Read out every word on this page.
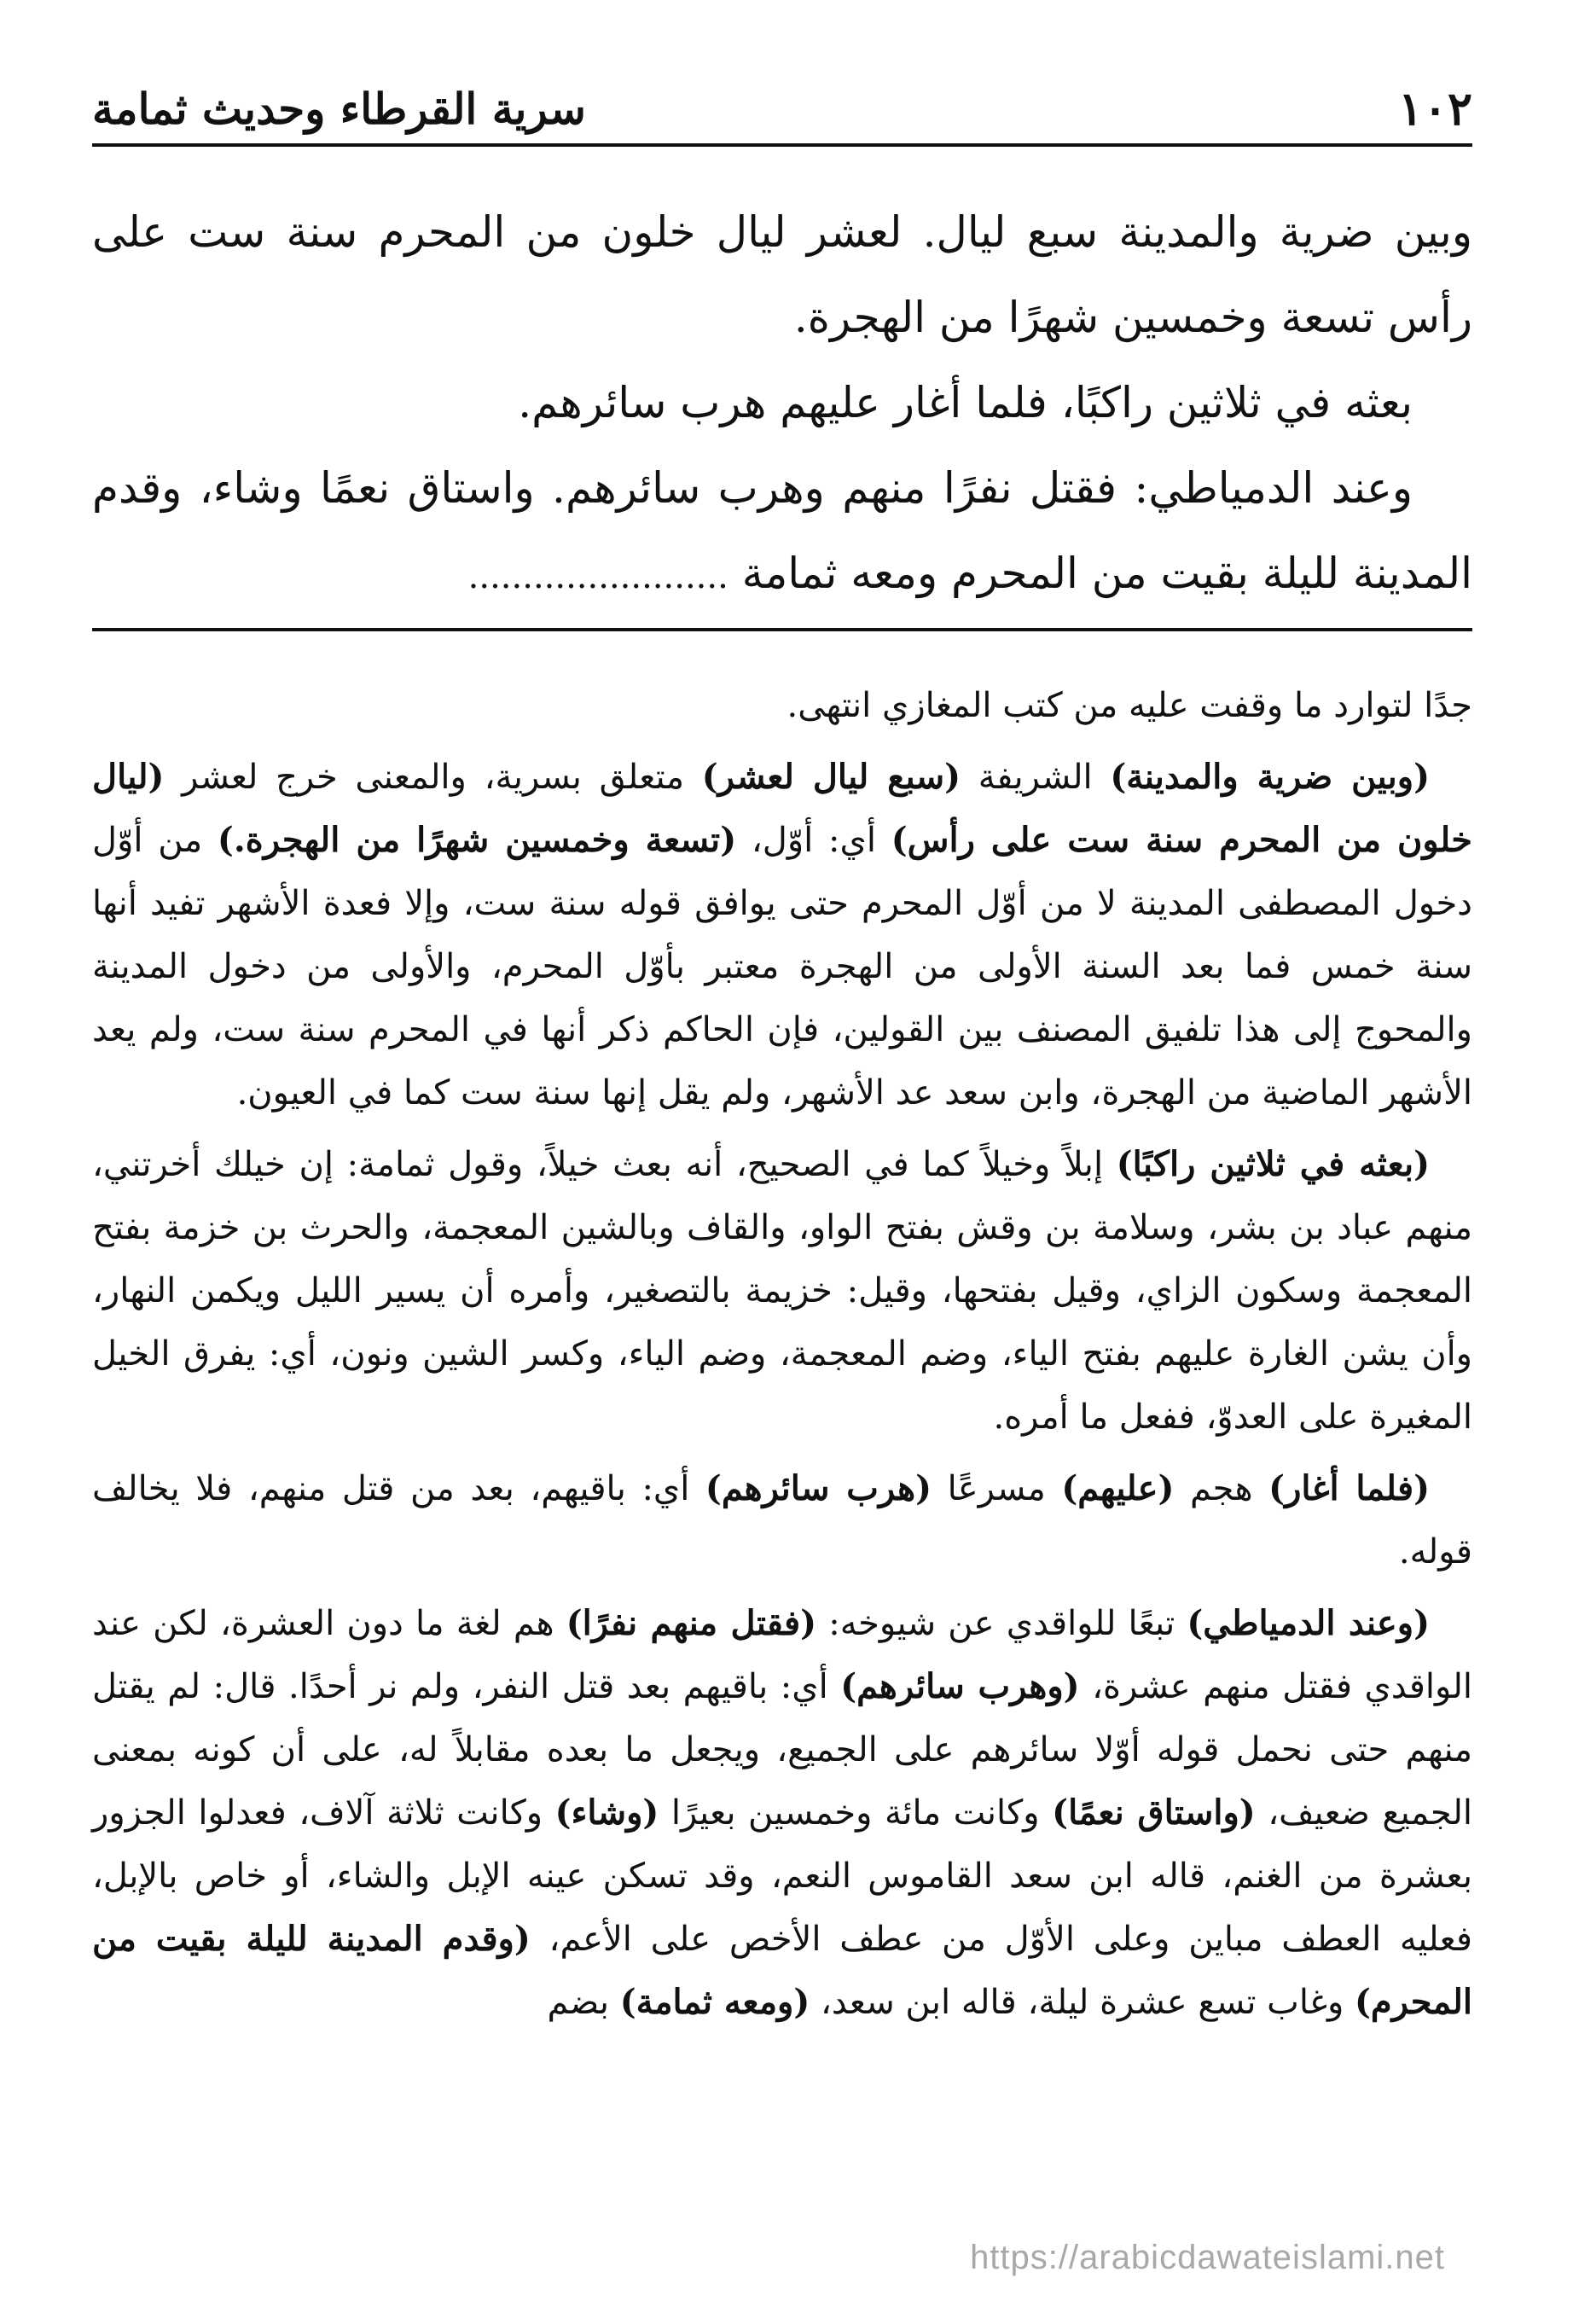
١٠٢
سرية القرطاء وحديث ثمامة

وبين ضرية والمدينة سبع ليال. لعشر ليال خلون من المحرم سنة ست على رأس تسعة وخمسين شهرًا من الهجرة.

بعثه في ثلاثين راكبًا، فلما أغار عليهم هرب سائرهم.

وعند الدمياطي: فقتل نفرًا منهم وهرب سائرهم. واستاق نعمًا وشاء، وقدم المدينة لليلة بقيت من المحرم ومعه ثمامة ........................

جدًا لتوارد ما وقفت عليه من كتب المغازي انتهى.

(وبين ضرية والمدينة) الشريفة (سبع ليال لعشر) متعلق بسرية، والمعنى خرج لعشر (ليال خلون من المحرم سنة ست على رأس) أي: أوّل، (تسعة وخمسين شهرًا من الهجرة.) من أوّل دخول المصطفى المدينة لا من أوّل المحرم حتى يوافق قوله سنة ست، وإلا فعدة الأشهر تفيد أنها سنة خمس فما بعد السنة الأولى من الهجرة معتبر بأوّل المحرم، والأولى من دخول المدينة والمحوج إلى هذا تلفيق المصنف بين القولين، فإن الحاكم ذكر أنها في المحرم سنة ست، ولم يعد الأشهر الماضية من الهجرة، وابن سعد عد الأشهر، ولم يقل إنها سنة ست كما في العيون.

(بعثه في ثلاثين راكبًا) إبلاً وخيلاً كما في الصحيح، أنه بعث خيلاً، وقول ثمامة: إن خيلك أخرتني، منهم عباد بن بشر، وسلامة بن وقش بفتح الواو، والقاف وبالشين المعجمة، والحرث بن خزمة بفتح المعجمة وسكون الزاي، وقيل بفتحها، وقيل: خزيمة بالتصغير، وأمره أن يسير الليل ويكمن النهار، وأن يشن الغارة عليهم بفتح الياء، وضم المعجمة، وضم الياء، وكسر الشين ونون، أي: يفرق الخيل المغيرة على العدوّ، ففعل ما أمره.

(فلما أغار) هجم (عليهم) مسرعًا (هرب سائرهم) أي: باقيهم، بعد من قتل منهم، فلا يخالف قوله.

(وعند الدمياطي) تبعًا للواقدي عن شيوخه: (فقتل منهم نفرًا) هم لغة ما دون العشرة، لكن عند الواقدي فقتل منهم عشرة، (وهرب سائرهم) أي: باقيهم بعد قتل النفر، ولم نر أحدًا. قال: لم يقتل منهم حتى نحمل قوله أوّلا سائرهم على الجميع، ويجعل ما بعده مقابلاً له، على أن كونه بمعنى الجميع ضعيف، (واستاق نعمًا) وكانت مائة وخمسين بعيرًا (وشاء) وكانت ثلاثة آلاف، فعدلوا الجزور بعشرة من الغنم، قاله ابن سعد القاموس النعم، وقد تسكن عينه الإبل والشاء، أو خاص بالإبل، فعليه العطف مباين وعلى الأوّل من عطف الأخص على الأعم، (وقدم المدينة لليلة بقيت من المحرم) وغاب تسع عشرة ليلة، قاله ابن سعد، (ومعه ثمامة) بضم

https://arabicdawateislami.net
